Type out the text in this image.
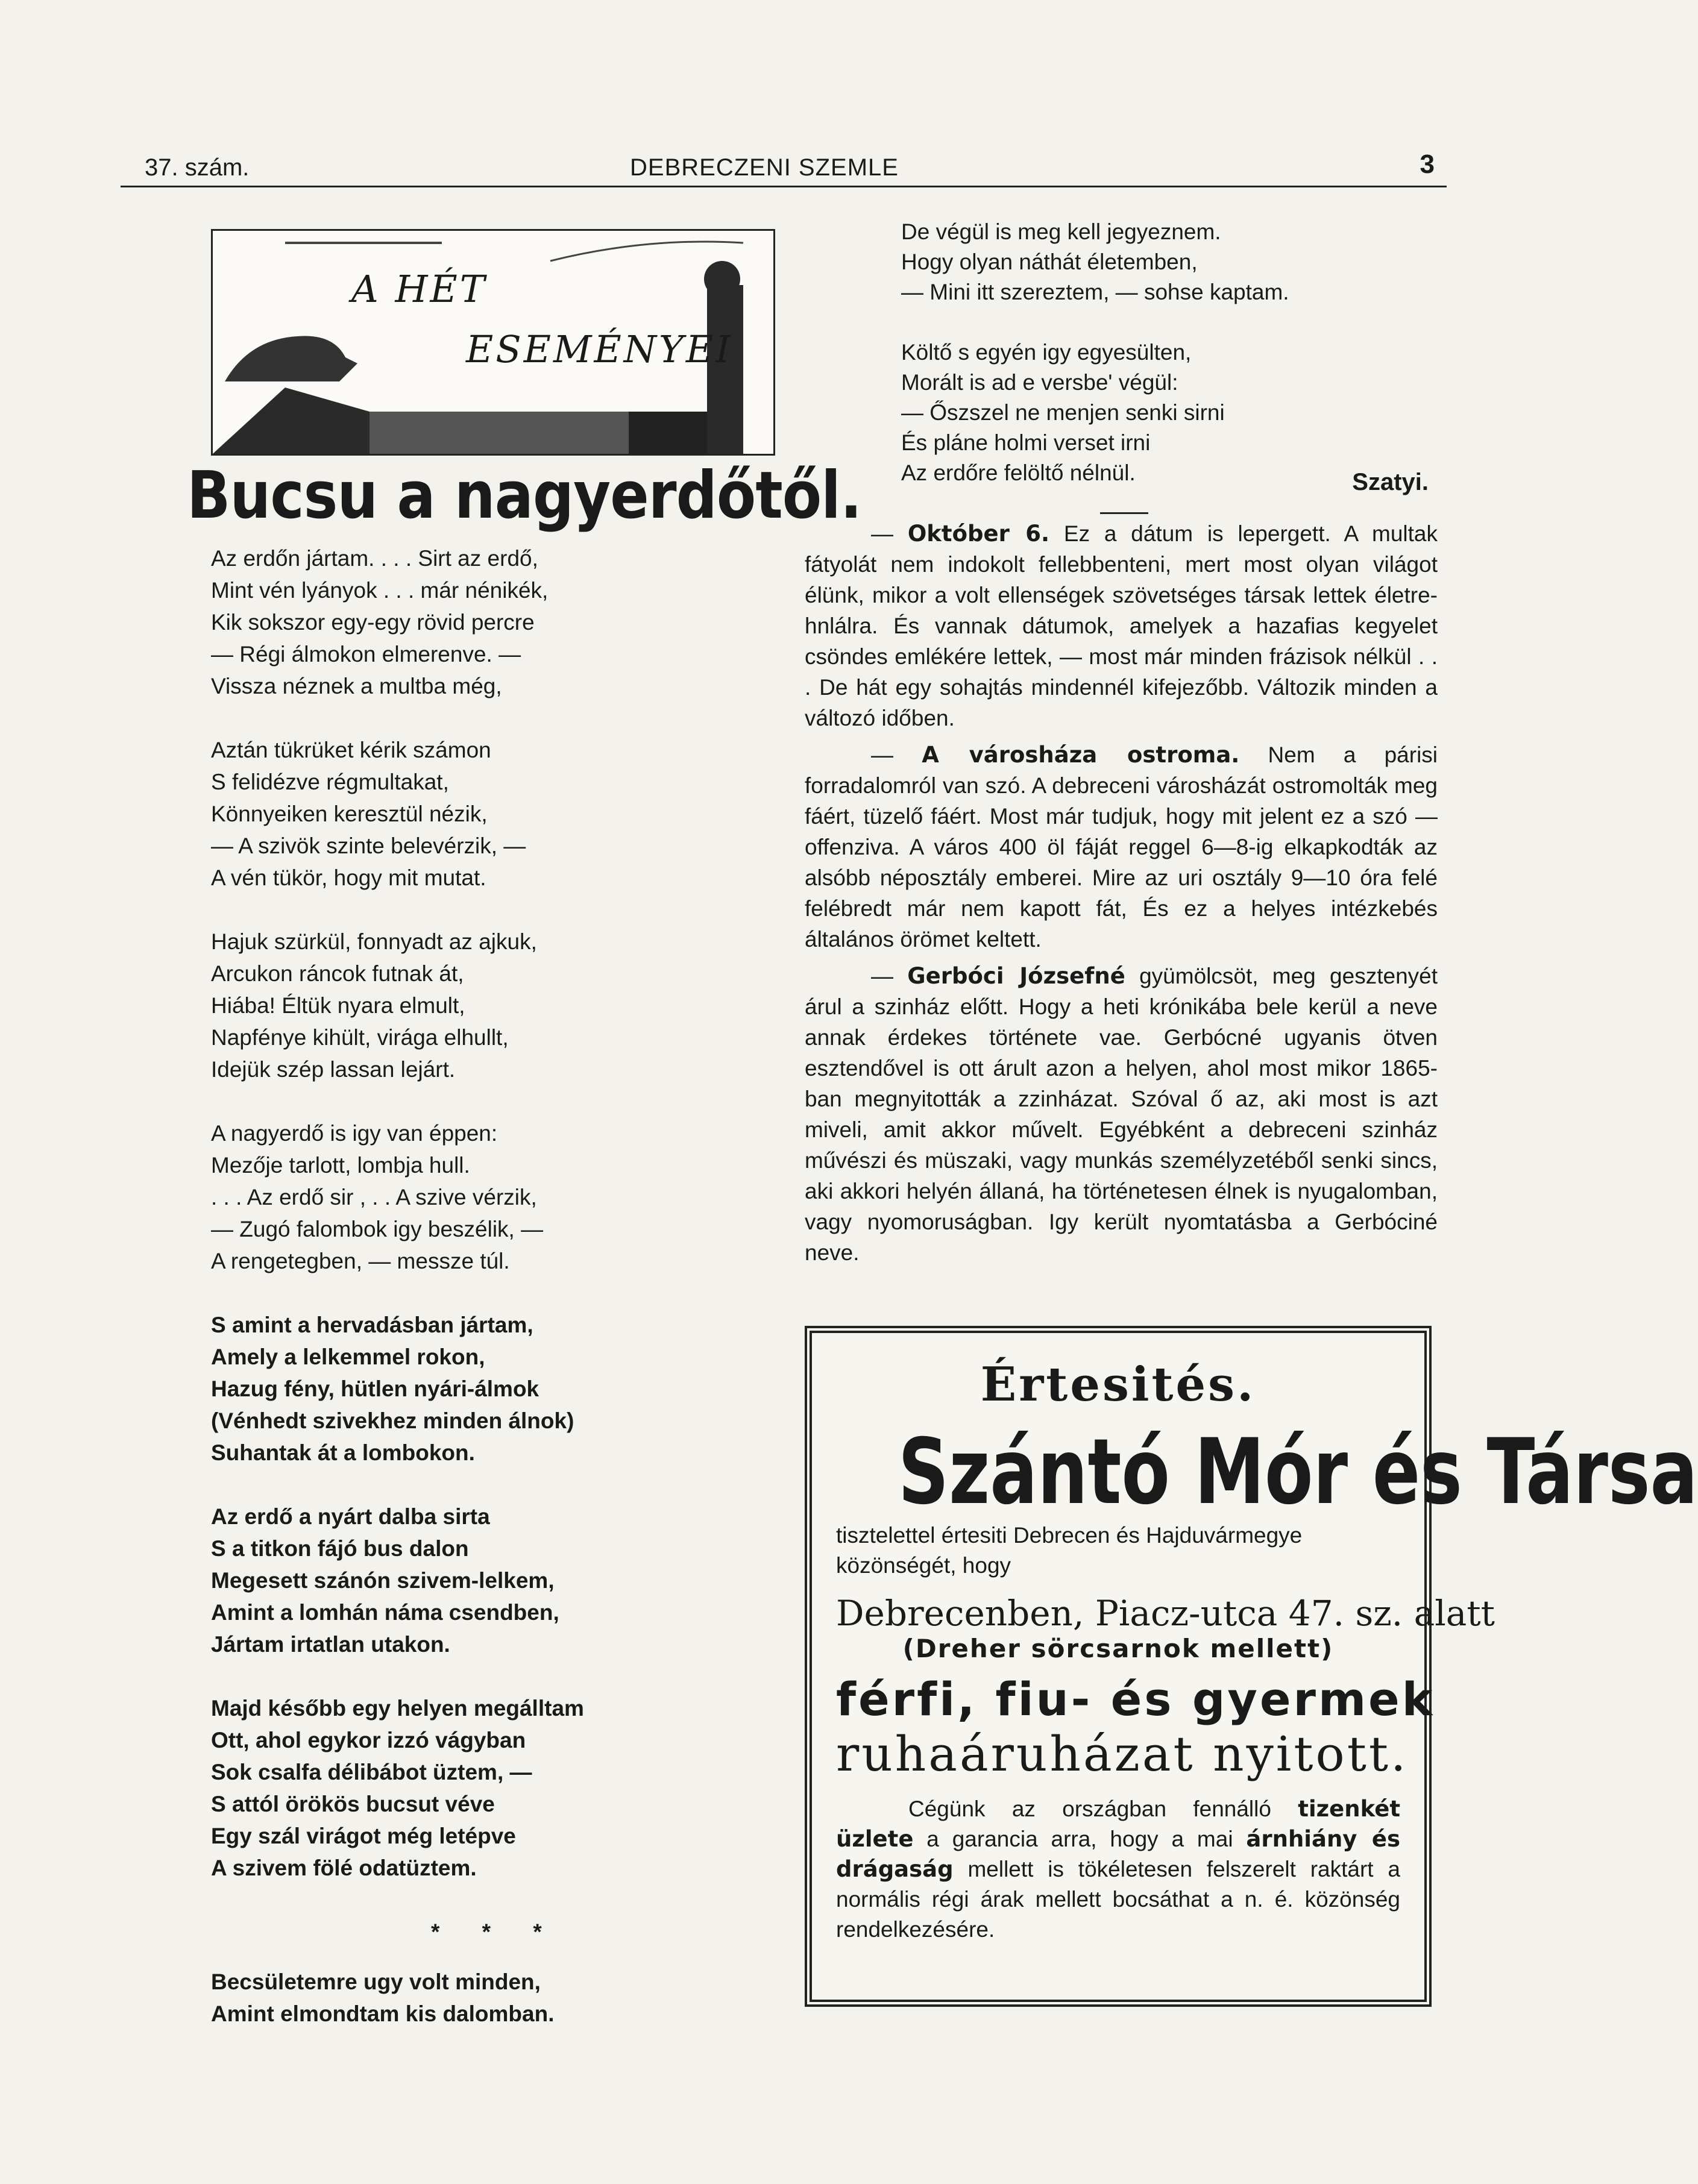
37. szám.	DEBRECZENI SZEMLE	3
A HÉT
ESEMÉNYEI
Bucsu a nagyerdőtől.
Az erdőn jártam. . . . Sirt az erdő,
Mint vén lyányok . . . már nénikék,
Kik sokszor egy-egy rövid percre
— Régi álmokon elmerenve. —
Vissza néznek a multba még,
Aztán tükrüket kérik számon
S felidézve régmultakat,
Könnyeiken keresztül nézik,
— A szivök szinte belevérzik, —
A vén tükör, hogy mit mutat.
Hajuk szürkül, fonnyadt az ajkuk,
Arcukon ráncok futnak át,
Hiába! Éltük nyara elmult,
Napfénye kihült, virága elhullt,
Idejük szép lassan lejárt.
A nagyerdő is igy van éppen:
Mezője tarlott, lombja hull.
. . . Az erdő sir , . . A szive vérzik,
— Zugó falombok igy beszélik, —
A rengetegben, — messze túl.
S amint a hervadásban jártam,
Amely a lelkemmel rokon,
Hazug fény, hütlen nyári-álmok
(Vénhedt szivekhez minden álnok)
Suhantak át a lombokon.
Az erdő a nyárt dalba sirta
S a titkon fájó bus dalon
Megesett szánón szivem-lelkem,
Amint a lomhán náma csendben,
Jártam irtatlan utakon.
Majd később egy helyen megálltam
Ott, ahol egykor izzó vágyban
Sok csalfa délibábot üztem, —
S attól örökös bucsut véve
Egy szál virágot még letépve
A szivem fölé odatüztem.
* * *
Becsületemre ugy volt minden,
Amint elmondtam kis dalomban.
De végül is meg kell jegyeznem.
Hogy olyan náthát életemben,
— Mini itt szereztem, — sohse kaptam.
Költő s egyén igy egyesülten,
Morált is ad e versbe' végül:
— Őszszel ne menjen senki sirni
És pláne holmi verset irni
Az erdőre felöltő nélnül.	Szatyi.

— Október 6. Ez a dátum is lepergett. A multak fátyolát nem indokolt fellebbenteni, mert most olyan világot élünk, mikor a volt ellenségek szövetséges társak lettek életre-hnlálra. És vannak dátumok, amelyek a hazafias kegyelet csöndes emlékére lettek, — most már minden frázisok nélkül . . . De hát egy sohajtás mindennél kifejezőbb. Változik minden a változó időben.

— A városháza ostroma. Nem a párisi forradalomról van szó. A debreceni városházát ostromolták meg fáért, tüzelő fáért. Most már tudjuk, hogy mit jelent ez a szó — offenziva. A város 400 öl fáját reggel 6—8-ig elkapkodták az alsóbb néposztály emberei. Mire az uri osztály 9—10 óra felé felébredt már nem kapott fát, És ez a helyes intézkebés általános örömet keltett.

— Gerbóci Józsefné gyümölcsöt, meg gesztenyét árul a szinház előtt. Hogy a heti krónikába bele kerül a neve annak érdekes története vae. Gerbócné ugyanis ötven esztendővel is ott árult azon a helyen, ahol most mikor 1865-ban megnyitották a zzinházat. Szóval ő az, aki most is azt miveli, amit akkor művelt. Egyébként a debreceni szinház művészi és müszaki, vagy munkás személyzetéből senki sincs, aki akkori helyén állaná, ha történetesen élnek is nyugalomban, vagy nyomoruságban. Igy került nyomtatásba a Gerbóciné neve.

Értesités.
Szántó Mór és Társa
tisztelettel értesiti Debrecen és Hajduvármegye közönségét, hogy
Debrecenben, Piacz-utca 47. sz. alatt
(Dreher sörcsarnok mellett)
férfi, fiu- és gyermek
ruhaáruházat nyitott.
Cégünk az országban fennálló tizenkét üzlete a garancia arra, hogy a mai árnhiány és drágaság mellett is tökéletesen felszerelt raktárt a normális régi árak mellett bocsáthat a n. é. közönség rendelkezésére.
